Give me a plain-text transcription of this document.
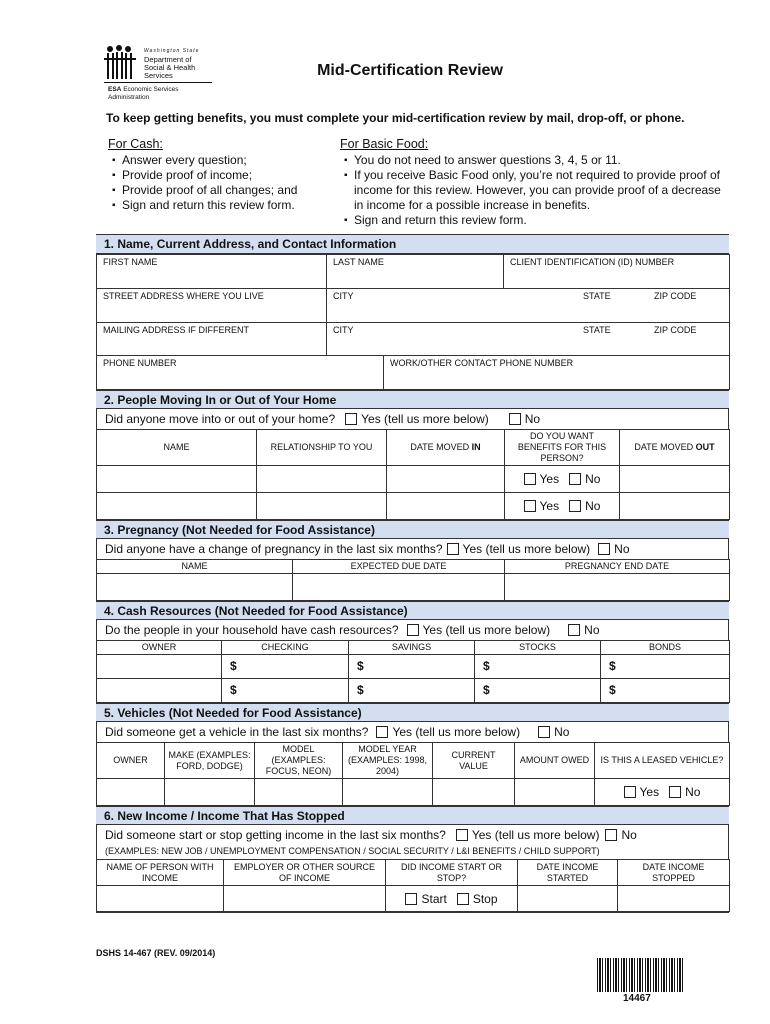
Washington State
Department of Social & Health Services
ESA Economic Services Administration
Mid-Certification Review
To keep getting benefits, you must complete your mid-certification review by mail, drop-off, or phone.
For Cash:
▪ Answer every question;
▪ Provide proof of income;
▪ Provide proof of all changes; and
▪ Sign and return this review form.
For Basic Food:
▪ You do not need to answer questions 3, 4, 5 or 11.
▪ If you receive Basic Food only, you’re not required to provide proof of income for this review. However, you can provide proof of a decrease in income for a possible increase in benefits.
▪ Sign and return this review form.
1. Name, Current Address, and Contact Information
FIRST NAME	LAST NAME		CLIENT IDENTIFICATION (ID) NUMBER
STREET ADDRESS WHERE YOU LIVE	CITY STATE ZIP CODE		

MAILING ADDRESS IF DIFFERENT	CITY STATE ZIP CODE		

PHONE NUMBER		WORK/OTHER CONTACT PHONE NUMBER	
2. People Moving In or Out of Your Home
Did anyone move into or out of your home? Yes (tell us more below)	No
NAME	RELATIONSHIP TO YOU	DATE MOVED IN	DO YOU WANT BENEFITS FOR THIS PERSON?	DATE MOVED OUT
			Yes No	
			Yes No	
3. Pregnancy (Not Needed for Food Assistance)
Did anyone have a change of pregnancy in the last six months? Yes (tell us more below) No
NAME	EXPECTED DUE DATE	PREGNANCY END DATE

4. Cash Resources (Not Needed for Food Assistance)
Do the people in your household have cash resources? Yes (tell us more below)	No
OWNER	CHECKING	SAVINGS	STOCKS	BONDS
	$	$	$	$
	$	$	$	$
5. Vehicles (Not Needed for Food Assistance)
Did someone get a vehicle in the last six months? Yes (tell us more below)	No
OWNER	MAKE (EXAMPLES: FORD, DODGE)	MODEL (EXAMPLES: FOCUS, NEON)	MODEL YEAR (EXAMPLES: 1998, 2004)	CURRENT VALUE	AMOUNT OWED	IS THIS A LEASED VEHICLE?
						Yes No
6. New Income / Income That Has Stopped
Did someone start or stop getting income in the last six months? Yes (tell us more below) No
(EXAMPLES: NEW JOB / UNEMPLOYMENT COMPENSATION / SOCIAL SECURITY / L&I BENEFITS / CHILD SUPPORT)
NAME OF PERSON WITH INCOME	EMPLOYER OR OTHER SOURCE OF INCOME	DID INCOME START OR STOP?	DATE INCOME STARTED	DATE INCOME STOPPED
		Start Stop		
DSHS 14-467 (REV. 09/2014)
14467
